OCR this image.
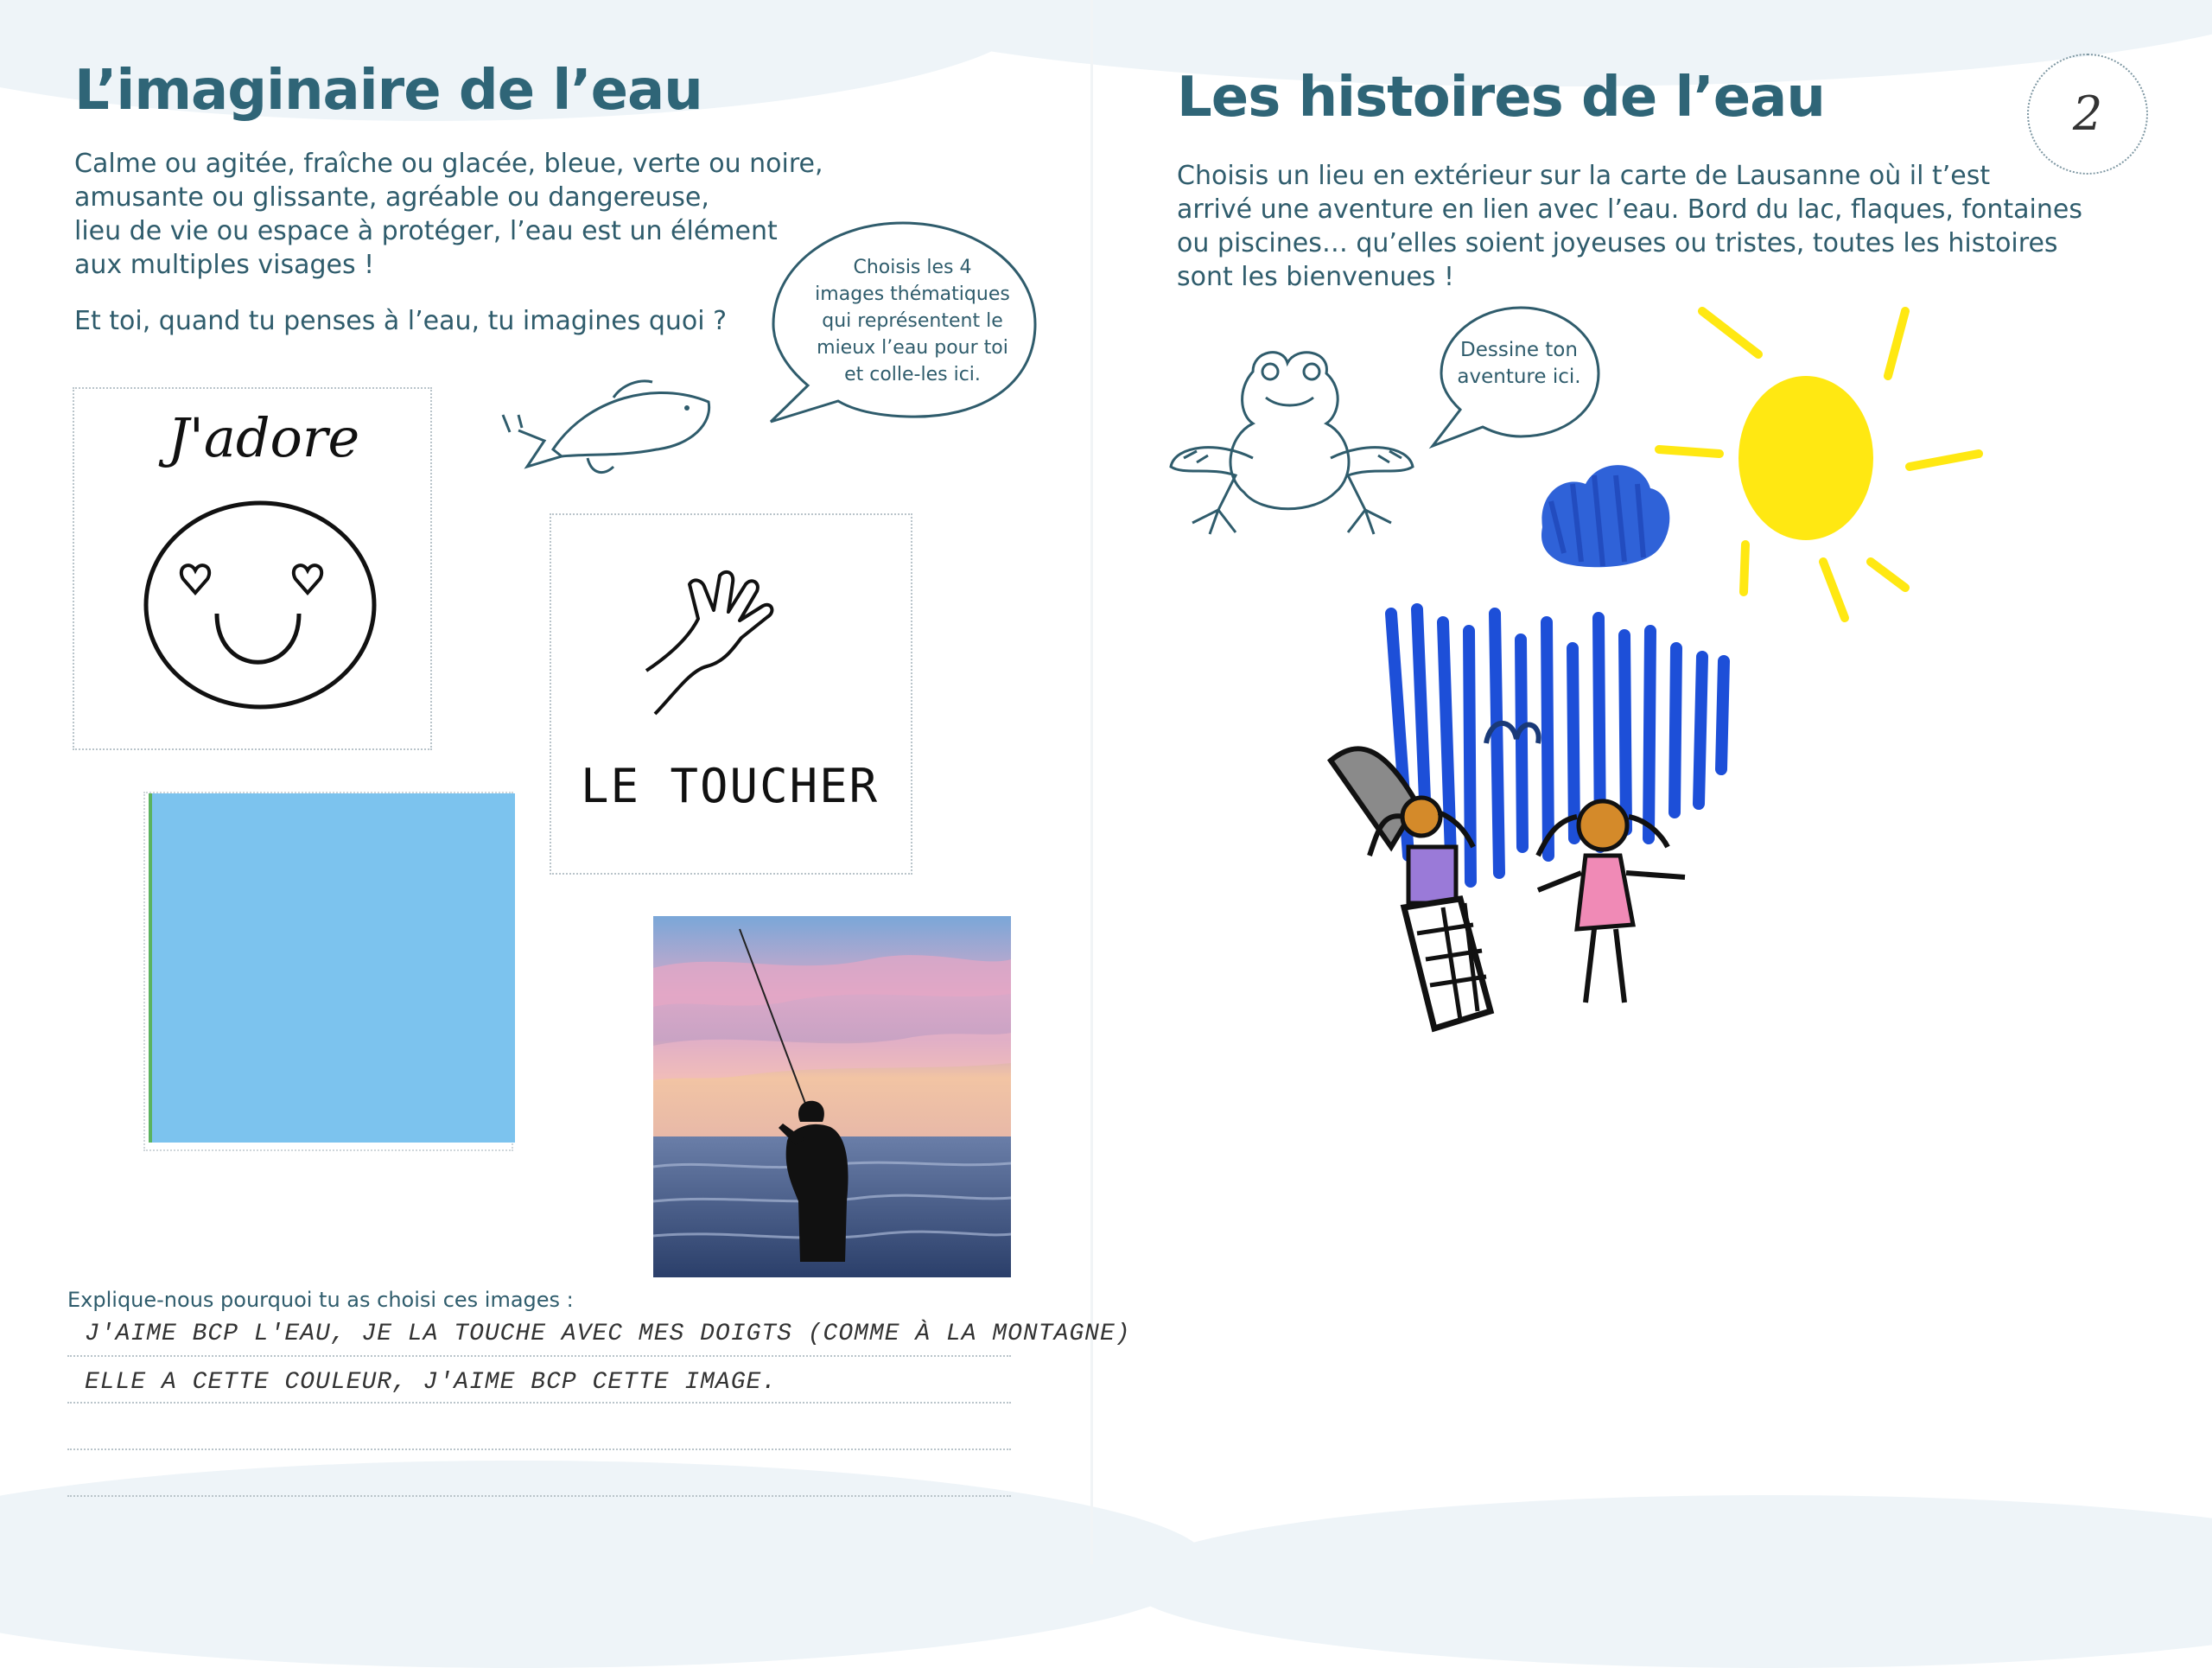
L’imaginaire de l’eau
Calme ou agitée, fraîche ou glacée, bleue, verte ou noire,
amusante ou glissante, agréable ou dangereuse,
lieu de vie ou espace à protéger, l’eau est un élément
aux multiples visages !
Et toi, quand tu penses à l’eau, tu imagines quoi ?
Choisis les 4
images thématiques
qui représentent le
mieux l’eau pour toi
et colle-les ici.
J'adore
LE TOUCHER
Explique-nous pourquoi tu as choisi ces images :
J'AIME BCP L'EAU, JE LA TOUCHE AVEC MES DOIGTS (COMME À LA MONTAGNE)
ELLE A CETTE COULEUR, J'AIME BCP CETTE IMAGE.
Les histoires de l’eau	2
Choisis un lieu en extérieur sur la carte de Lausanne où il t’est
arrivé une aventure en lien avec l’eau. Bord du lac, flaques, fontaines
ou piscines… qu’elles soient joyeuses ou tristes, toutes les histoires
sont les bienvenues !
Dessine ton
aventure ici.
